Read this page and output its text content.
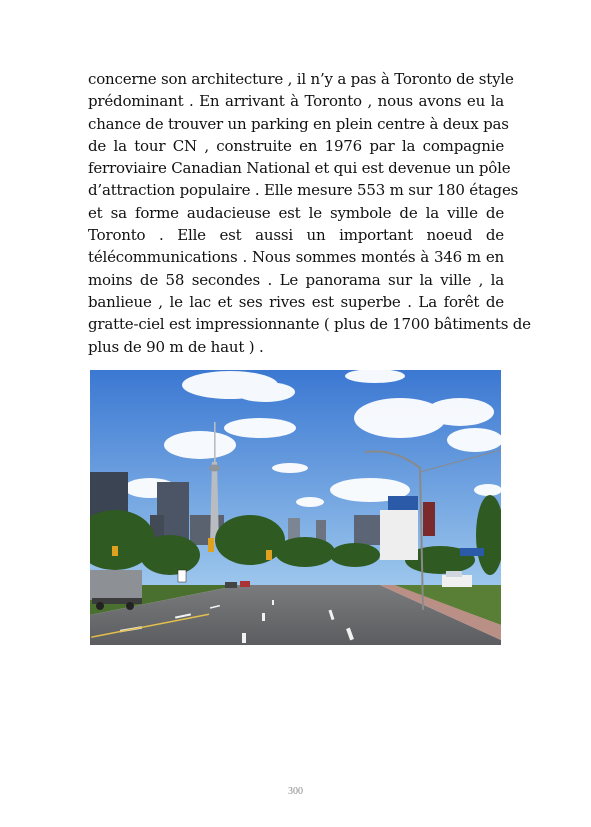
concerne son architecture , il n’y a pas à Toronto de style
prédominant . En arrivant à Toronto , nous avons eu la
chance de trouver un parking en plein centre à deux pas
de la tour CN , construite en 1976 par la compagnie
ferroviaire Canadian National et qui est devenue un pôle
d’attraction populaire . Elle mesure 553 m sur 180 étages
et sa forme audacieuse est le symbole de la ville de
Toronto . Elle est aussi un important noeud de
télécommunications . Nous sommes montés à 346 m en
moins de 58 secondes . Le panorama sur la ville , la
banlieue , le lac et ses rives est superbe . La forêt de
gratte-ciel est impressionnante ( plus de 1700 bâtiments de
plus de 90 m de haut ) .
300
